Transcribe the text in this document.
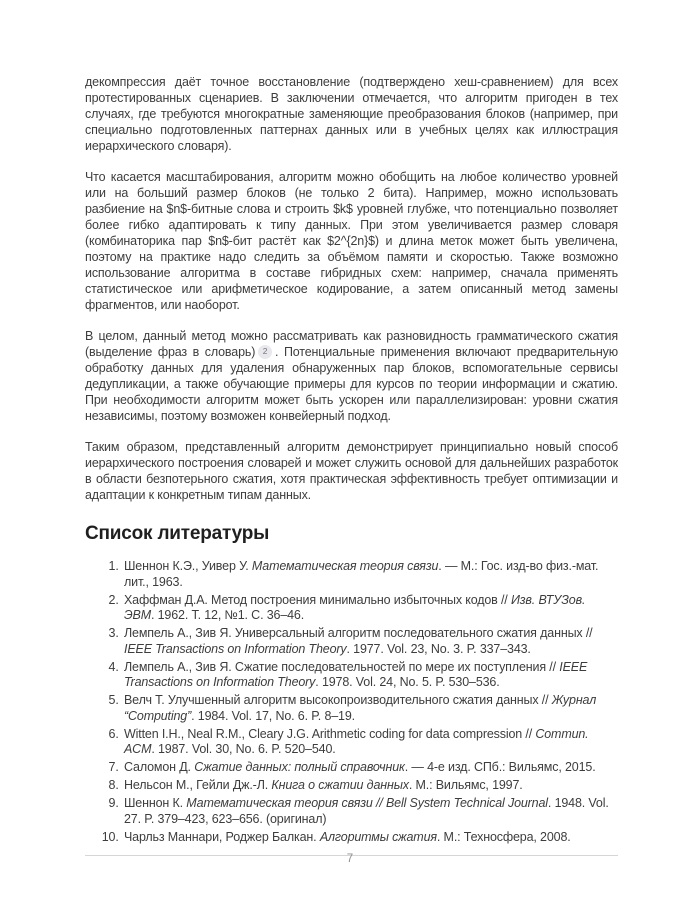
декомпрессия даёт точное восстановление (подтверждено хеш-сравнением) для всех протестированных сценариев. В заключении отмечается, что алгоритм пригоден в тех случаях, где требуются многократные заменяющие преобразования блоков (например, при специально подготовленных паттернах данных или в учебных целях как иллюстрация иерархического словаря).

Что касается масштабирования, алгоритм можно обобщить на любое количество уровней или на больший размер блоков (не только 2 бита). Например, можно использовать разбиение на $n$-битные слова и строить $k$ уровней глубже, что потенциально позволяет более гибко адаптировать к типу данных. При этом увеличивается размер словаря (комбинаторика пар $n$-бит растёт как $2^{2n}$) и длина меток может быть увеличена, поэтому на практике надо следить за объёмом памяти и скоростью. Также возможно использование алгоритма в составе гибридных схем: например, сначала применять статистическое или арифметическое кодирование, а затем описанный метод замены фрагментов, или наоборот.

В целом, данный метод можно рассматривать как разновидность грамматического сжатия (выделение фраз в словарь) 2 . Потенциальные применения включают предварительную обработку данных для удаления обнаруженных пар блоков, вспомогательные сервисы дедупликации, а также обучающие примеры для курсов по теории информации и сжатию. При необходимости алгоритм может быть ускорен или параллелизирован: уровни сжатия независимы, поэтому возможен конвейерный подход.

Таким образом, представленный алгоритм демонстрирует принципиально новый способ иерархического построения словарей и может служить основой для дальнейших разработок в области безпотерьного сжатия, хотя практическая эффективность требует оптимизации и адаптации к конкретным типам данных.

Список литературы
1. Шеннон К.Э., Уивер У. Математическая теория связи. — М.: Гос. изд-во физ.-мат. лит., 1963.
2. Хаффман Д.А. Метод построения минимально избыточных кодов // Изв. ВТУЗов. ЭВМ. 1962. Т. 12, №1. С. 36–46.
3. Лемпель А., Зив Я. Универсальный алгоритм последовательного сжатия данных // IEEE Transactions on Information Theory. 1977. Vol. 23, No. 3. P. 337–343.
4. Лемпель А., Зив Я. Сжатие последовательностей по мере их поступления // IEEE Transactions on Information Theory. 1978. Vol. 24, No. 5. P. 530–536.
5. Велч Т. Улучшенный алгоритм высокопроизводительного сжатия данных // Журнал “Computing”. 1984. Vol. 17, No. 6. P. 8–19.
6. Witten I.H., Neal R.M., Cleary J.G. Arithmetic coding for data compression // Commun. ACM. 1987. Vol. 30, No. 6. P. 520–540.
7. Саломон Д. Сжатие данных: полный справочник. — 4-е изд. СПб.: Вильямс, 2015.
8. Нельсон М., Гейли Дж.-Л. Книга о сжатии данных. М.: Вильямс, 1997.
9. Шеннон К. Математическая теория связи // Bell System Technical Journal. 1948. Vol. 27. P. 379–423, 623–656. (оригинал)
10. Чарльз Маннари, Роджер Балкан. Алгоритмы сжатия. М.: Техносфера, 2008.
7
